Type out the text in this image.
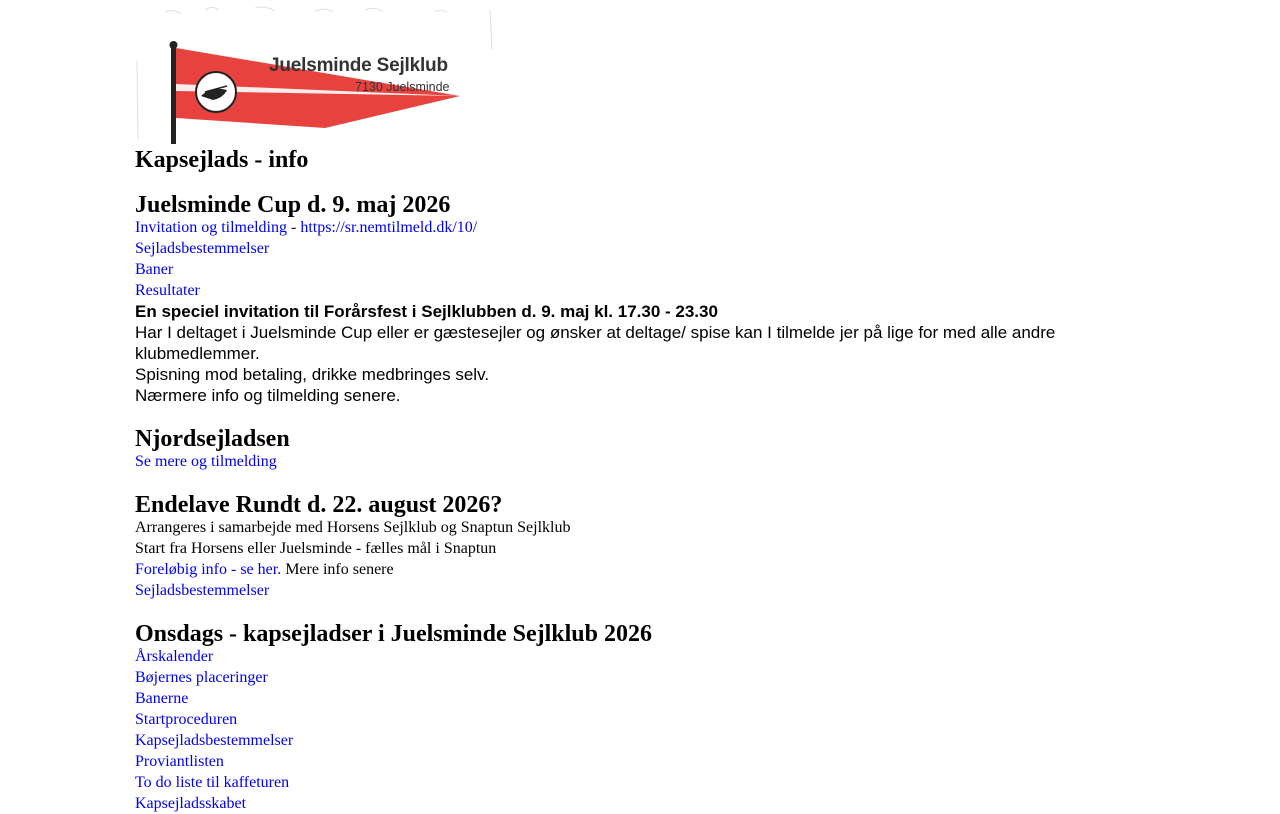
Juelsminde Sejlklub
7130 Juelsminde
Kapsejlads - info
Juelsminde Cup d. 9. maj 2026
Invitation og tilmelding - https://sr.nemtilmeld.dk/10/
Sejladsbestemmelser
Baner
Resultater
En speciel invitation til Forårsfest i Sejlklubben d. 9. maj kl. 17.30 - 23.30
Har I deltaget i Juelsminde Cup eller er gæstesejler og ønsker at deltage/ spise kan I tilmelde jer på lige for med alle andre klubmedlemmer.
Spisning mod betaling, drikke medbringes selv.
Nærmere info og tilmelding senere.
Njordsejladsen
Se mere og tilmelding
Endelave Rundt d. 22. august 2026?
Arrangeres i samarbejde med Horsens Sejlklub og Snaptun Sejlklub
Start fra Horsens eller Juelsminde - fælles mål i Snaptun
Foreløbig info - se her. Mere info senere
Sejladsbestemmelser
Onsdags - kapsejladser i Juelsminde Sejlklub 2026
Årskalender
Bøjernes placeringer
Banerne
Startproceduren
Kapsejladsbestemmelser
Proviantlisten
To do liste til kaffeturen
Kapsejladsskabet
